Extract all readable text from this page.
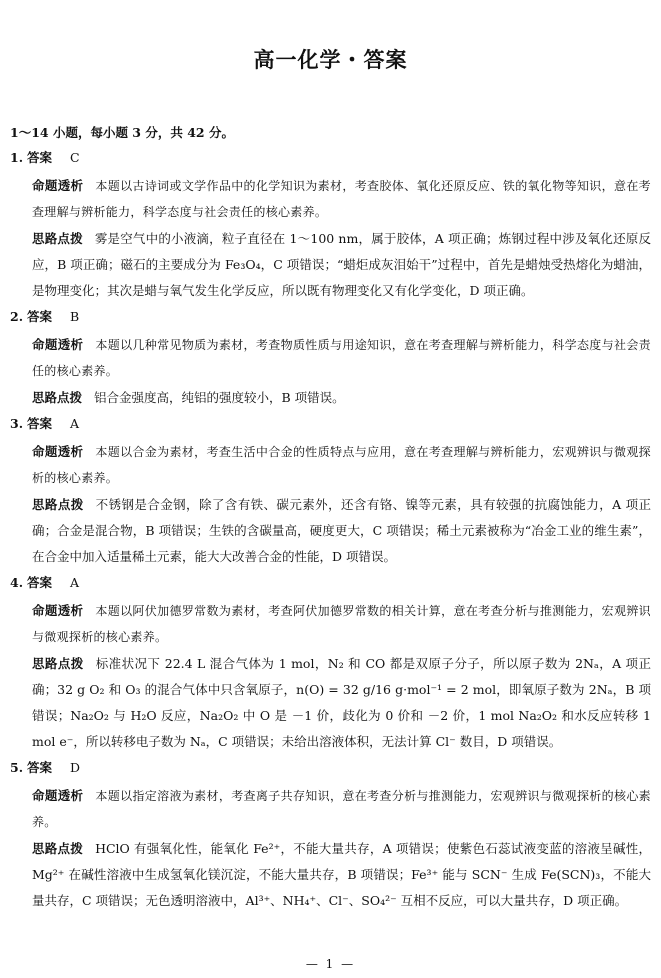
高一化学・答案
1～14 小题，每小题 3 分，共 42 分。
1. 答案 C
命题透析 本题以古诗词或文学作品中的化学知识为素材，考查胶体、氧化还原反应、铁的氧化物等知识，意在考查理解与辨析能力，科学态度与社会责任的核心素养。
思路点拨 雾是空气中的小液滴，粒子直径在 1～100 nm，属于胶体，A 项正确；炼钢过程中涉及氧化还原反应，B 项正确；磁石的主要成分为 Fe₃O₄，C 项错误；“蜡炬成灰泪始干”过程中，首先是蜡烛受热熔化为蜡油，是物理变化；其次是蜡与氧气发生化学反应，所以既有物理变化又有化学变化，D 项正确。
2. 答案 B
命题透析 本题以几种常见物质为素材，考查物质性质与用途知识，意在考查理解与辨析能力，科学态度与社会责任的核心素养。
思路点拨 铝合金强度高，纯铝的强度较小，B 项错误。
3. 答案 A
命题透析 本题以合金为素材，考查生活中合金的性质特点与应用，意在考查理解与辨析能力，宏观辨识与微观探析的核心素养。
思路点拨 不锈钢是合金钢，除了含有铁、碳元素外，还含有铬、镍等元素，具有较强的抗腐蚀能力，A 项正确；合金是混合物，B 项错误；生铁的含碳量高，硬度更大，C 项错误；稀土元素被称为“冶金工业的维生素”，在合金中加入适量稀土元素，能大大改善合金的性能，D 项错误。
4. 答案 A
命题透析 本题以阿伏加德罗常数为素材，考查阿伏加德罗常数的相关计算，意在考查分析与推测能力，宏观辨识与微观探析的核心素养。
思路点拨 标准状况下 22.4 L 混合气体为 1 mol，N₂ 和 CO 都是双原子分子，所以原子数为 2Nₐ，A 项正确；32 g O₂ 和 O₃ 的混合气体中只含氧原子，n(O) = 32 g/16 g·mol⁻¹ = 2 mol，即氧原子数为 2Nₐ，B 项错误；Na₂O₂ 与 H₂O 反应，Na₂O₂ 中 O 是 －1 价，歧化为 0 价和 －2 价，1 mol Na₂O₂ 和水反应转移 1 mol e⁻，所以转移电子数为 Nₐ，C 项错误；未给出溶液体积，无法计算 Cl⁻ 数目，D 项错误。
5. 答案 D
命题透析 本题以指定溶液为素材，考查离子共存知识，意在考查分析与推测能力，宏观辨识与微观探析的核心素养。
思路点拨 HClO 有强氧化性，能氧化 Fe²⁺，不能大量共存，A 项错误；使紫色石蕊试液变蓝的溶液呈碱性，Mg²⁺ 在碱性溶液中生成氢氧化镁沉淀，不能大量共存，B 项错误；Fe³⁺ 能与 SCN⁻ 生成 Fe(SCN)₃，不能大量共存，C 项错误；无色透明溶液中，Al³⁺、NH₄⁺、Cl⁻、SO₄²⁻ 互相不反应，可以大量共存，D 项正确。
— 1 —
